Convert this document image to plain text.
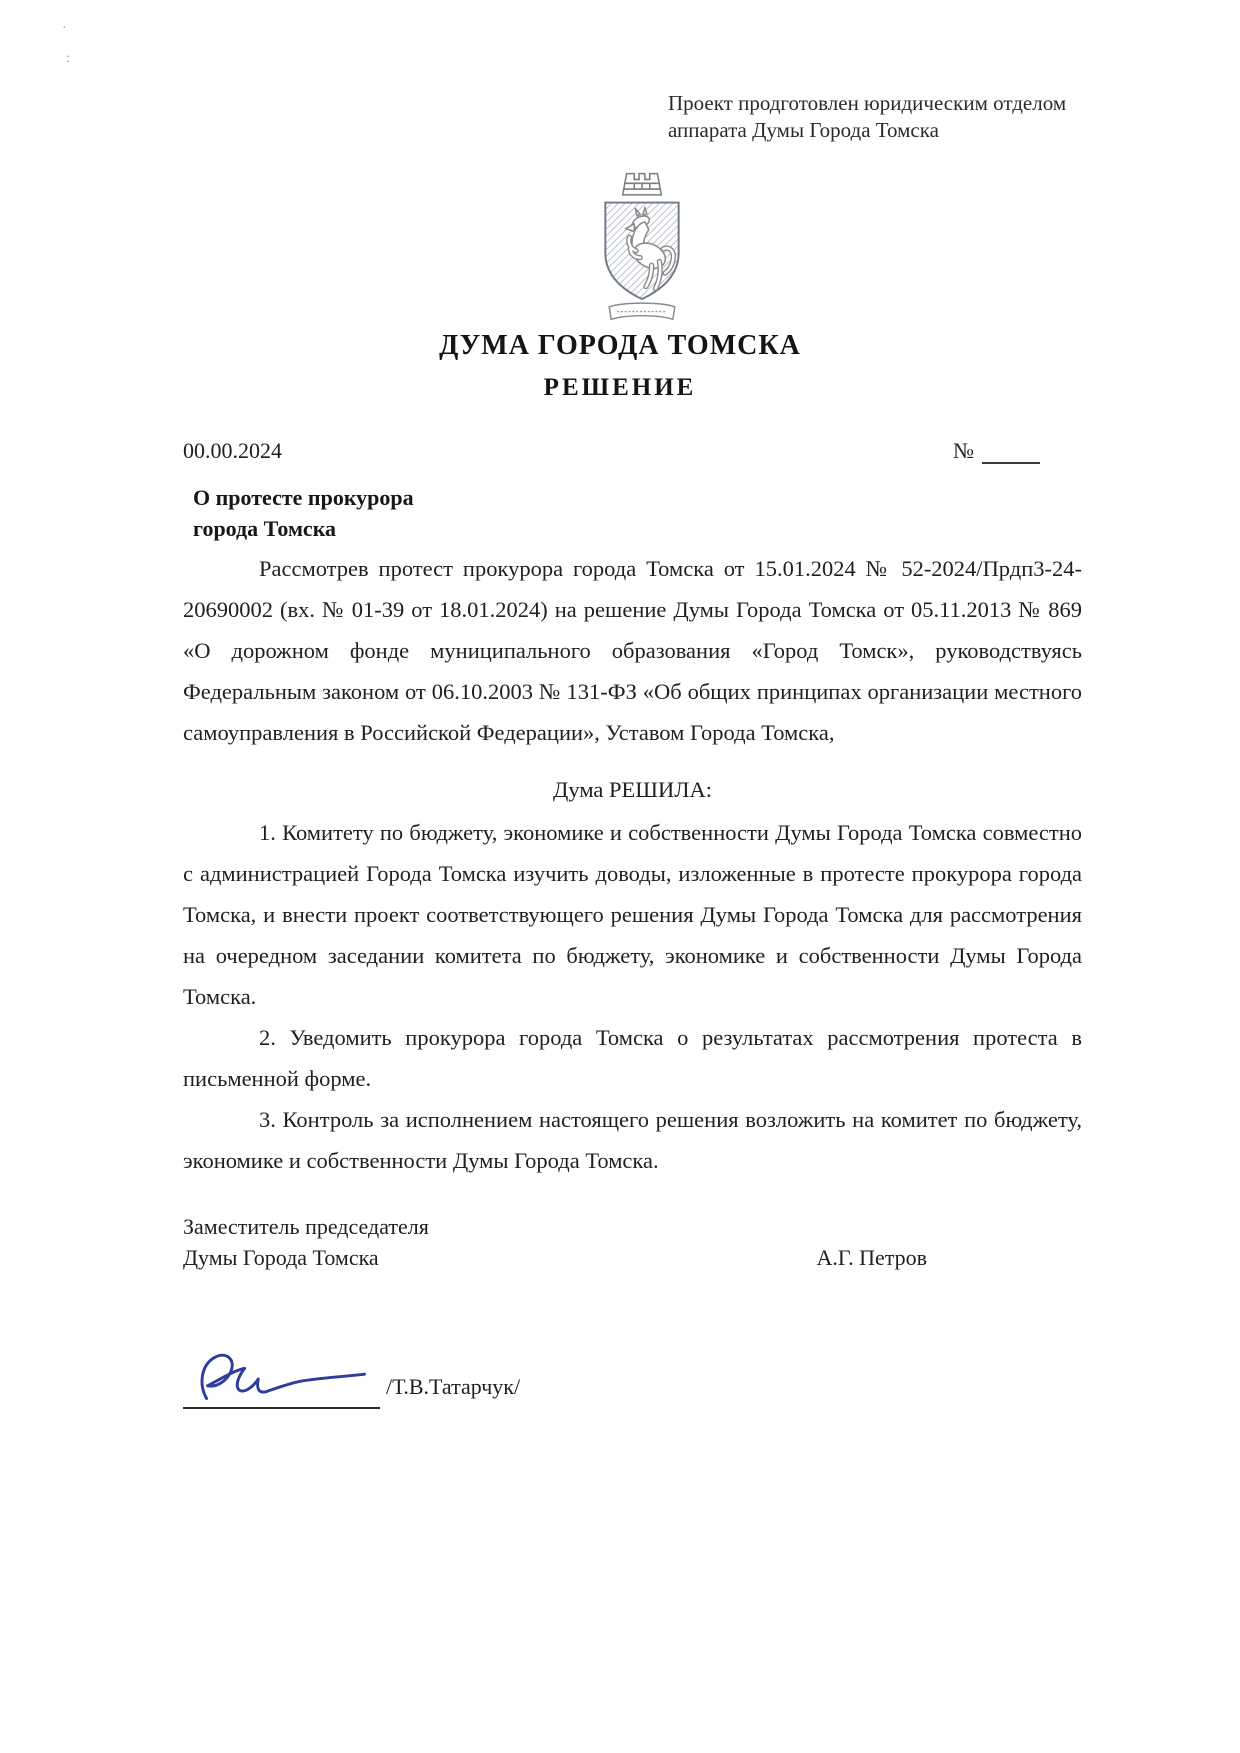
·
:
Проект продготовлен юридическим отделом
аппарата Думы Города Томска
ДУМА ГОРОДА ТОМСКА
РЕШЕНИЕ
00.00.2024	№
О протесте прокурора
города Томска

Рассмотрев протест прокурора города Томска от 15.01.2024 № 52-2024/Прдп3-24-20690002 (вх. № 01-39 от 18.01.2024) на решение Думы Города Томска от 05.11.2013 № 869 «О дорожном фонде муниципального образования «Город Томск», руководствуясь Федеральным законом от 06.10.2003 № 131-ФЗ «Об общих принципах организации местного самоуправления в Российской Федерации», Уставом Города Томска,

Дума РЕШИЛА:

1. Комитету по бюджету, экономике и собственности Думы Города Томска совместно с администрацией Города Томска изучить доводы, изложенные в протесте прокурора города Томска, и внести проект соответствующего решения Думы Города Томска для рассмотрения на очередном заседании комитета по бюджету, экономике и собственности Думы Города Томска.

2. Уведомить прокурора города Томска о результатах рассмотрения протеста в письменной форме.

3. Контроль за исполнением настоящего решения возложить на комитет по бюджету, экономике и собственности Думы Города Томска.

Заместитель председателя
Думы Города Томска	А.Г. Петров
/Т.В.Татарчук/
